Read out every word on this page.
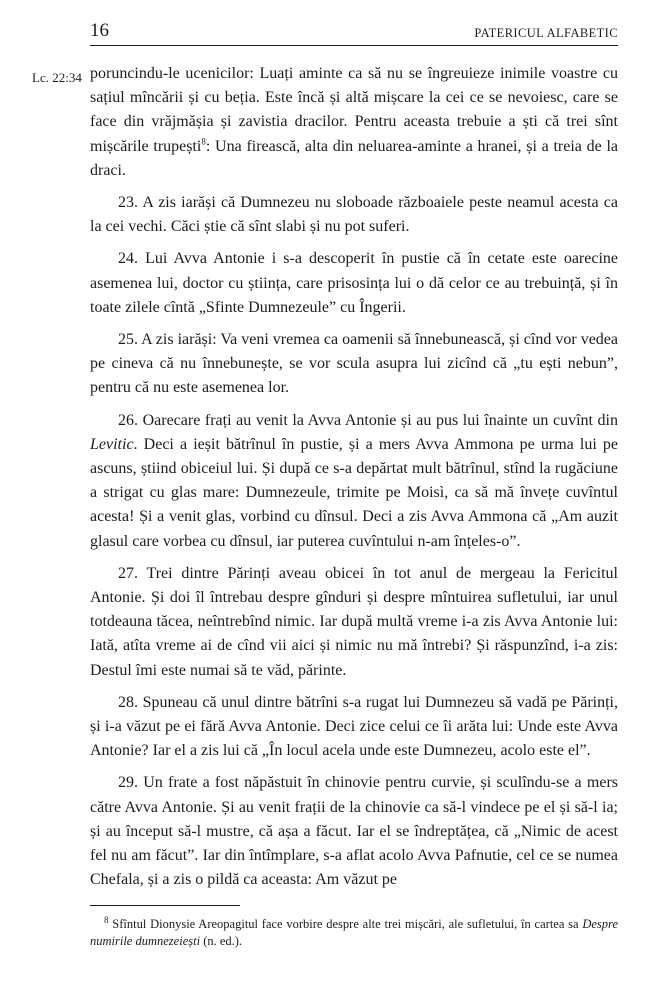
16	PATERICUL ALFABETIC
Lc. 22:34 poruncindu-le ucenicilor: Luați aminte ca să nu se îngreuieze inimile voastre cu sațiul mîncării și cu beția. Este încă și altă mișcare la cei ce se nevoiesc, care se face din vrăjmășia și zavistia dracilor. Pentru aceasta trebuie a ști că trei sînt mișcările trupești$^8$: Una firească, alta din neluarea-aminte a hranei, și a treia de la draci.

23. A zis iarăși că Dumnezeu nu sloboade războaiele peste neamul acesta ca la cei vechi. Căci știe că sînt slabi și nu pot suferi.

24. Lui Avva Antonie i s-a descoperit în pustie că în cetate este oarecine asemenea lui, doctor cu știința, care prisosința lui o dă celor ce au trebuință, și în toate zilele cîntă „Sfinte Dumnezeule” cu Îngerii.

25. A zis iarăși: Va veni vremea ca oamenii să înnebunească, și cînd vor vedea pe cineva că nu înnebunește, se vor scula asupra lui zicînd că „tu ești nebun”, pentru că nu este asemenea lor.

26. Oarecare frați au venit la Avva Antonie și au pus lui înainte un cuvînt din Levitic. Deci a ieșit bătrînul în pustie, și a mers Avva Ammona pe urma lui pe ascuns, știind obiceiul lui. Și după ce s-a depărtat mult bătrînul, stînd la rugăciune a strigat cu glas mare: Dumnezeule, trimite pe Moisì, ca să mă învețe cuvîntul acesta! Și a venit glas, vorbind cu dînsul. Deci a zis Avva Ammona că „Am auzit glasul care vorbea cu dînsul, iar puterea cuvîntului n-am înțeles-o”.

27. Trei dintre Părinți aveau obicei în tot anul de mergeau la Fericitul Antonie. Și doi îl întrebau despre gînduri și despre mîntuirea sufletului, iar unul totdeauna tăcea, neîntrebînd nimic. Iar după multă vreme i-a zis Avva Antonie lui: Iată, atîta vreme ai de cînd vii aici și nimic nu mă întrebi? Și răspunzînd, i-a zis: Destul îmi este numai să te văd, părinte.

28. Spuneau că unul dintre bătrîni s-a rugat lui Dumnezeu să vadă pe Părinți, și i-a văzut pe ei fără Avva Antonie. Deci zice celui ce îi arăta lui: Unde este Avva Antonie? Iar el a zis lui că „În locul acela unde este Dumnezeu, acolo este el”.

29. Un frate a fost năpăstuit în chinovie pentru curvie, și sculîndu-se a mers către Avva Antonie. Și au venit frații de la chinovie ca să-l vindece pe el și să-l ia; și au început să-l mustre, că așa a făcut. Iar el se îndreptățea, că „Nimic de acest fel nu am făcut”. Iar din întîmplare, s-a aflat acolo Avva Pafnutie, cel ce se numea Chefala, și a zis o pildă ca aceasta: Am văzut pe

$^8$ Sfîntul Dionysie Areopagitul face vorbire despre alte trei mișcări, ale sufletului, în cartea sa Despre numirile dumnezeiești (n. ed.).
